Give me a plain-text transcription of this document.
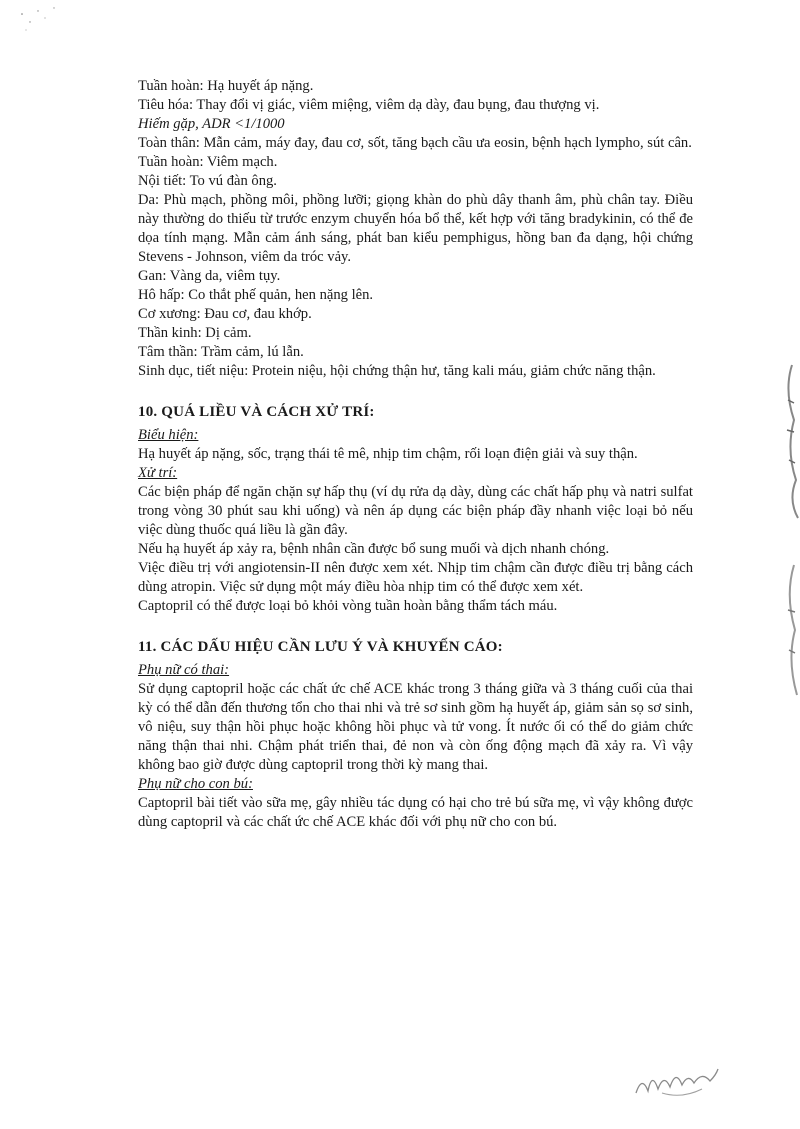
Tuần hoàn: Hạ huyết áp nặng.

Tiêu hóa: Thay đổi vị giác, viêm miệng, viêm dạ dày, đau bụng, đau thượng vị.

Hiếm gặp, ADR <1/1000

Toàn thân: Mẫn cảm, máy đay, đau cơ, sốt, tăng bạch cầu ưa eosin, bệnh hạch lympho, sút cân.

Tuần hoàn: Viêm mạch.

Nội tiết: To vú đàn ông.

Da: Phù mạch, phồng môi, phồng lưỡi; giọng khàn do phù dây thanh âm, phù chân tay. Điều này thường do thiếu từ trước enzym chuyển hóa bổ thể, kết hợp với tăng bradykinin, có thể đe dọa tính mạng. Mẫn cảm ánh sáng, phát ban kiểu pemphigus, hồng ban đa dạng, hội chứng Stevens - Johnson, viêm da tróc vảy.

Gan: Vàng da, viêm tụy.

Hô hấp: Co thắt phế quản, hen nặng lên.

Cơ xương: Đau cơ, đau khớp.

Thần kinh: Dị cảm.

Tâm thần: Trầm cảm, lú lẫn.

Sinh dục, tiết niệu: Protein niệu, hội chứng thận hư, tăng kali máu, giảm chức năng thận.

10. QUÁ LIỀU VÀ CÁCH XỬ TRÍ:

Biểu hiện:

Hạ huyết áp nặng, sốc, trạng thái tê mê, nhịp tim chậm, rối loạn điện giải và suy thận.

Xử trí:

Các biện pháp để ngăn chặn sự hấp thụ (ví dụ rửa dạ dày, dùng các chất hấp phụ và natri sulfat trong vòng 30 phút sau khi uống) và nên áp dụng các biện pháp đầy nhanh việc loại bỏ nếu việc dùng thuốc quá liều là gần đây.

Nếu hạ huyết áp xảy ra, bệnh nhân cần được bổ sung muối và dịch nhanh chóng.

Việc điều trị với angiotensin-II nên được xem xét. Nhịp tim chậm cần được điều trị bằng cách dùng atropin. Việc sử dụng một máy điều hòa nhịp tim có thể được xem xét.

Captopril có thể được loại bỏ khỏi vòng tuần hoàn bằng thẩm tách máu.

11. CÁC DẤU HIỆU CẦN LƯU Ý VÀ KHUYẾN CÁO:

Phụ nữ có thai:

Sử dụng captopril hoặc các chất ức chế ACE khác trong 3 tháng giữa và 3 tháng cuối của thai kỳ có thể dẫn đến thương tổn cho thai nhi và trẻ sơ sinh gồm hạ huyết áp, giảm sản sọ sơ sinh, vô niệu, suy thận hồi phục hoặc không hồi phục và tử vong. Ít nước ối có thể do giảm chức năng thận thai nhi. Chậm phát triển thai, đẻ non và còn ống động mạch đã xảy ra. Vì vậy không bao giờ được dùng captopril trong thời kỳ mang thai.

Phụ nữ cho con bú:

Captopril bài tiết vào sữa mẹ, gây nhiều tác dụng có hại cho trẻ bú sữa mẹ, vì vậy không được dùng captopril và các chất ức chế ACE khác đối với phụ nữ cho con bú.
